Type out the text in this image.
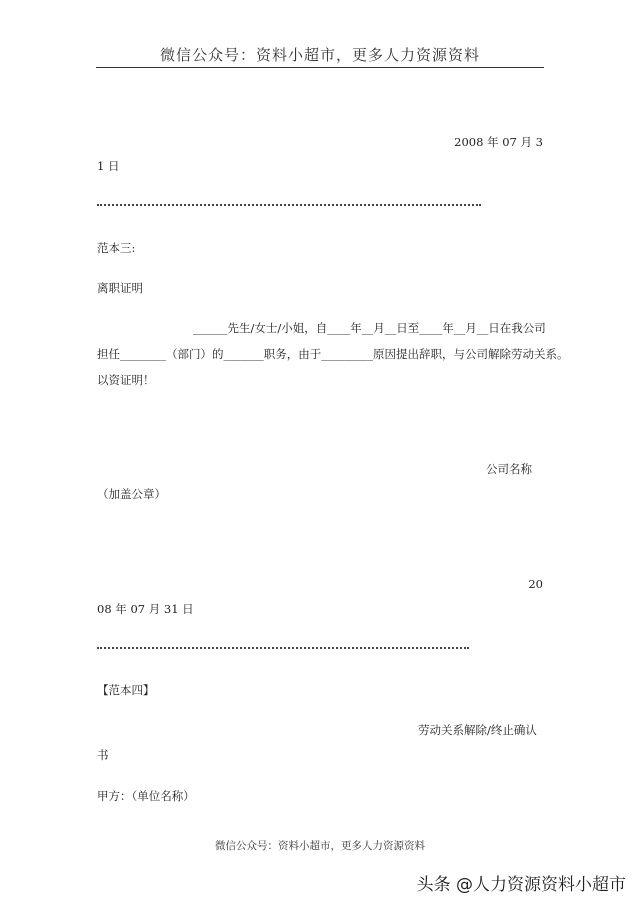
微信公众号：资料小超市，更多人力资源资料
2008 年 07 月 3
1 日
范本三:
离职证明
______先生/女士/小姐，自____年__月__日至____年__月__日在我公司
担任________（部门）的_______职务，由于_________原因提出辞职，与公司解除劳动关系。
以资证明！
公司名称
（加盖公章）
20
08 年 07 月 31 日
【范本四】
劳动关系解除/终止确认
书
甲方：（单位名称）
微信公众号：资料小超市，更多人力资源资料
头条 @人力资源资料小超市
